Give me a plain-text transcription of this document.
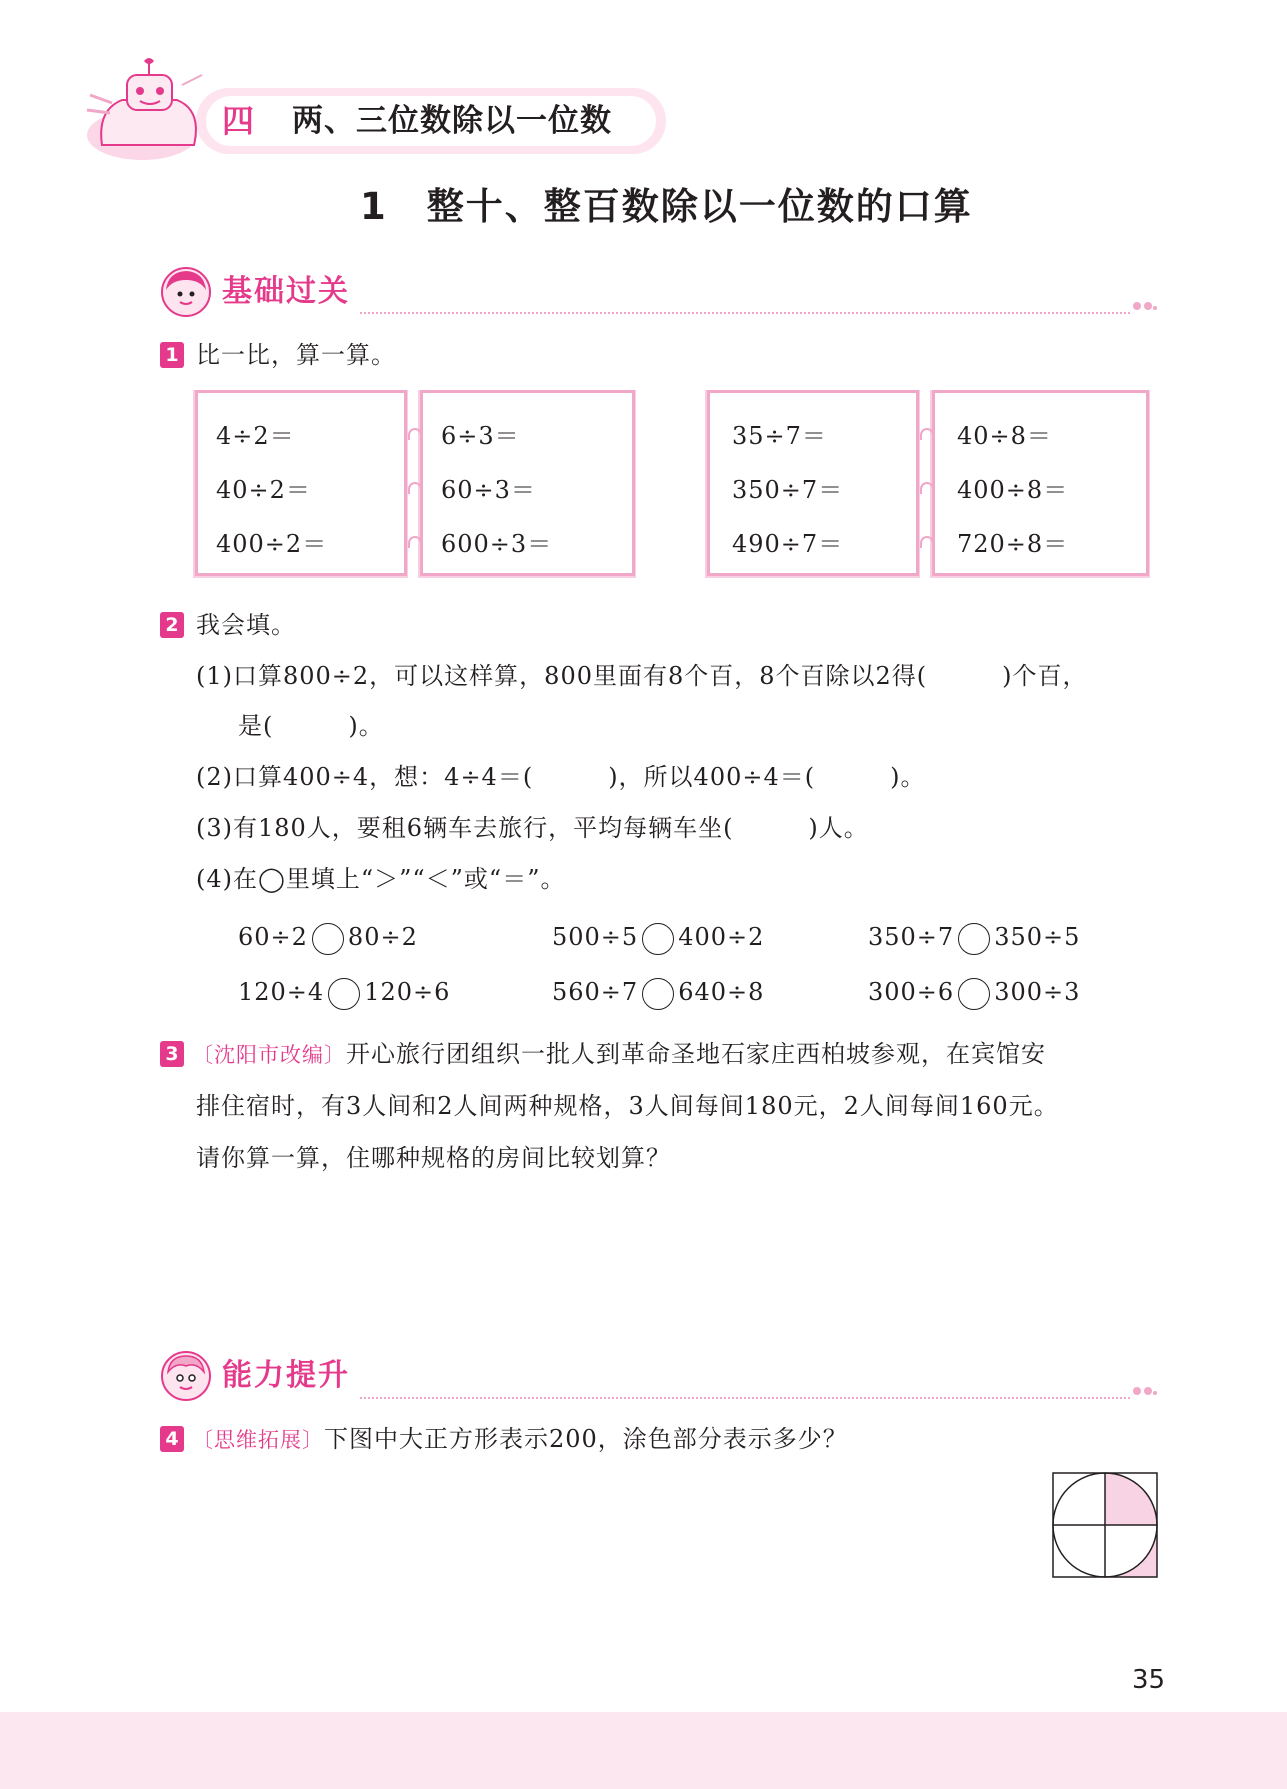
四 两、三位数除以一位数
1　整十、整百数除以一位数的口算
基础过关
1 比一比，算一算。
4÷2＝
40÷2＝
400÷2＝
6÷3＝
60÷3＝
600÷3＝
35÷7＝
350÷7＝
490÷7＝
40÷8＝
400÷8＝
720÷8＝
2 我会填。
(1)口算800÷2，可以这样算，800里面有8个百，8个百除以2得(　　　)个百，
是(　　　)。
(2)口算400÷4，想：4÷4＝(　　　)，所以400÷4＝(　　　)。
(3)有180人，要租6辆车去旅行，平均每辆车坐(　　　)人。
(4)在◯里填上“＞”“＜”或“＝”。
60÷2 80÷2	500÷5 400÷2	350÷7 350÷5
120÷4 120÷6	560÷7 640÷8	300÷6 300÷3
3 〔沈阳市改编〕开心旅行团组织一批人到革命圣地石家庄西柏坡参观，在宾馆安
排住宿时，有3人间和2人间两种规格，3人间每间180元，2人间每间160元。
请你算一算，住哪种规格的房间比较划算？
能力提升
4 〔思维拓展〕下图中大正方形表示200，涂色部分表示多少？
35
